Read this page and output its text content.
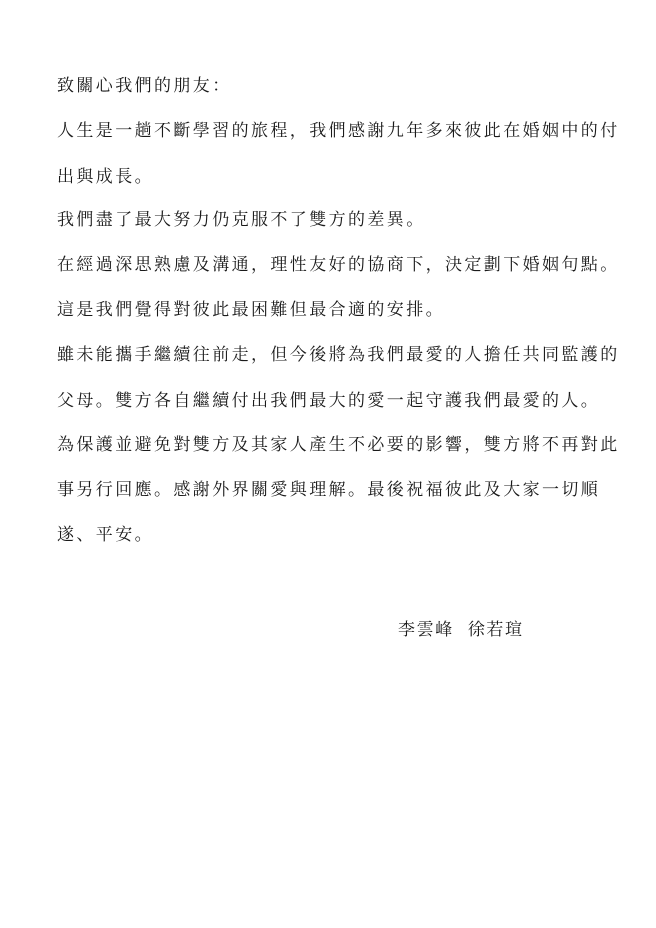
致關心我們的朋友：
人生是一趟不斷學習的旅程，我們感謝九年多來彼此在婚姻中的付
出與成長。
我們盡了最大努力仍克服不了雙方的差異。
在經過深思熟慮及溝通，理性友好的協商下，決定劃下婚姻句點。
這是我們覺得對彼此最困難但最合適的安排。
雖未能攜手繼續往前走，但今後將為我們最愛的人擔任共同監護的
父母。雙方各自繼續付出我們最大的愛一起守護我們最愛的人。
為保護並避免對雙方及其家人產生不必要的影響，雙方將不再對此
事另行回應。感謝外界關愛與理解。最後祝福彼此及大家一切順
遂、平安。
李雲峰 徐若瑄
